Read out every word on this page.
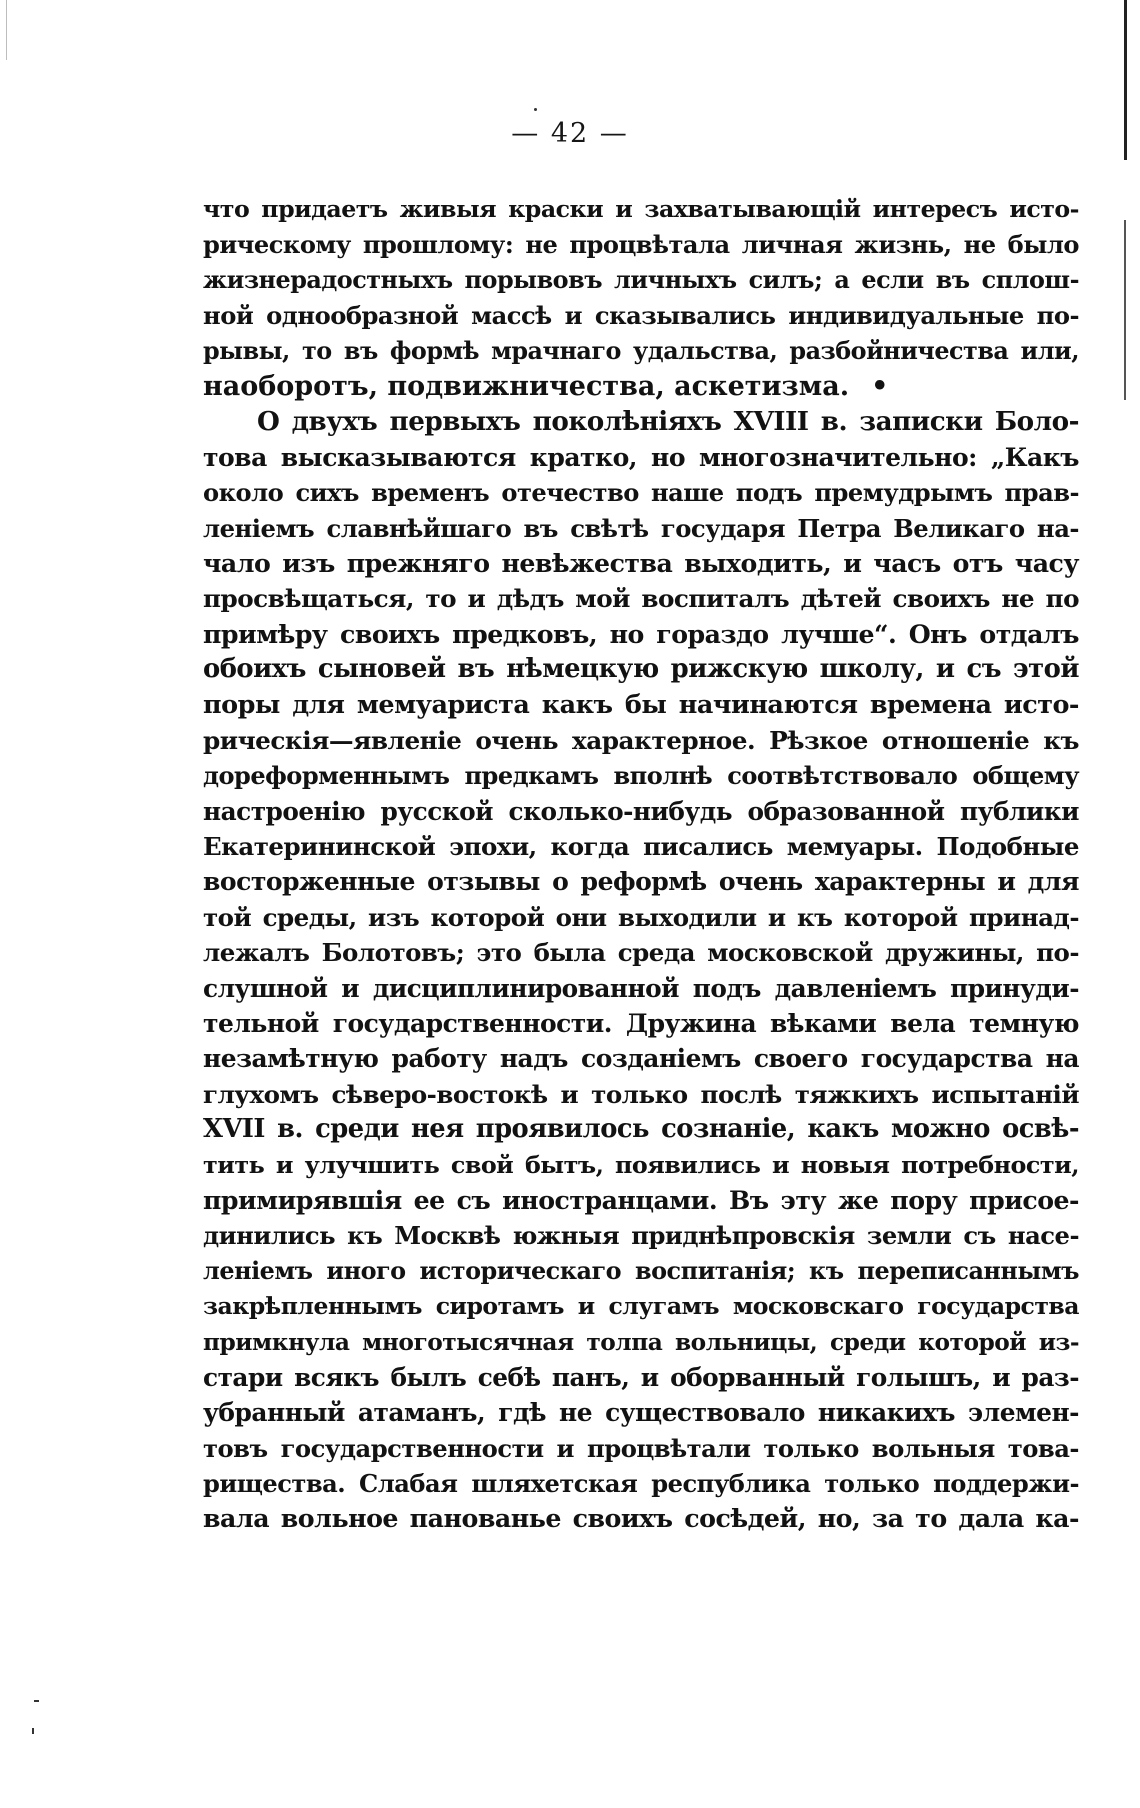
— 42 —
что придаетъ живыя краски и захватывающій интересъ исто-
рическому прошлому: не процвѣтала личная жизнь, не было
жизнерадостныхъ порывовъ личныхъ силъ; а если въ сплош-
ной однообразной массѣ и сказывались индивидуальные по-
рывы, то въ формѣ мрачнаго удальства, разбойничества или,
наоборотъ, подвижничества, аскетизма. •
О двухъ первыхъ поколѣніяхъ XVIII в. записки Боло-
това высказываются кратко, но многозначительно: „Какъ
около сихъ временъ отечество наше подъ премудрымъ прав-
леніемъ славнѣйшаго въ свѣтѣ государя Петра Великаго на-
чало изъ прежняго невѣжества выходить, и часъ отъ часу
просвѣщаться, то и дѣдъ мой воспиталъ дѣтей своихъ не по
примѣру своихъ предковъ, но гораздо лучше“. Онъ отдалъ
обоихъ сыновей въ нѣмецкую рижскую школу, и съ этой
поры для мемуариста какъ бы начинаются времена исто-
рическія—явленіе очень характерное. Рѣзкое отношеніе къ
дореформеннымъ предкамъ вполнѣ соотвѣтствовало общему
настроенію русской сколько-нибудь образованной публики
Екатерининской эпохи, когда писались мемуары. Подобные
восторженные отзывы о реформѣ очень характерны и для
той среды, изъ которой они выходили и къ которой принад-
лежалъ Болотовъ; это была среда московской дружины, по-
слушной и дисциплинированной подъ давленіемъ принуди-
тельной государственности. Дружина вѣками вела темную
незамѣтную работу надъ созданіемъ своего государства на
глухомъ сѣверо-востокѣ и только послѣ тяжкихъ испытаній
XVII в. среди нея проявилось сознаніе, какъ можно освѣ-
тить и улучшить свой бытъ, появились и новыя потребности,
примирявшія ее съ иностранцами. Въ эту же пору присое-
динились къ Москвѣ южныя приднѣпровскія земли съ насе-
леніемъ иного историческаго воспитанія; къ переписаннымъ
закрѣпленнымъ сиротамъ и слугамъ московскаго государства
примкнула многотысячная толпа вольницы, среди которой из-
стари всякъ былъ себѣ панъ, и оборванный голышъ, и раз-
убранный атаманъ, гдѣ не существовало никакихъ элемен-
товъ государственности и процвѣтали только вольныя това-
рищества. Слабая шляхетская республика только поддержи-
вала вольное панованье своихъ сосѣдей, но, за то дала ка-
